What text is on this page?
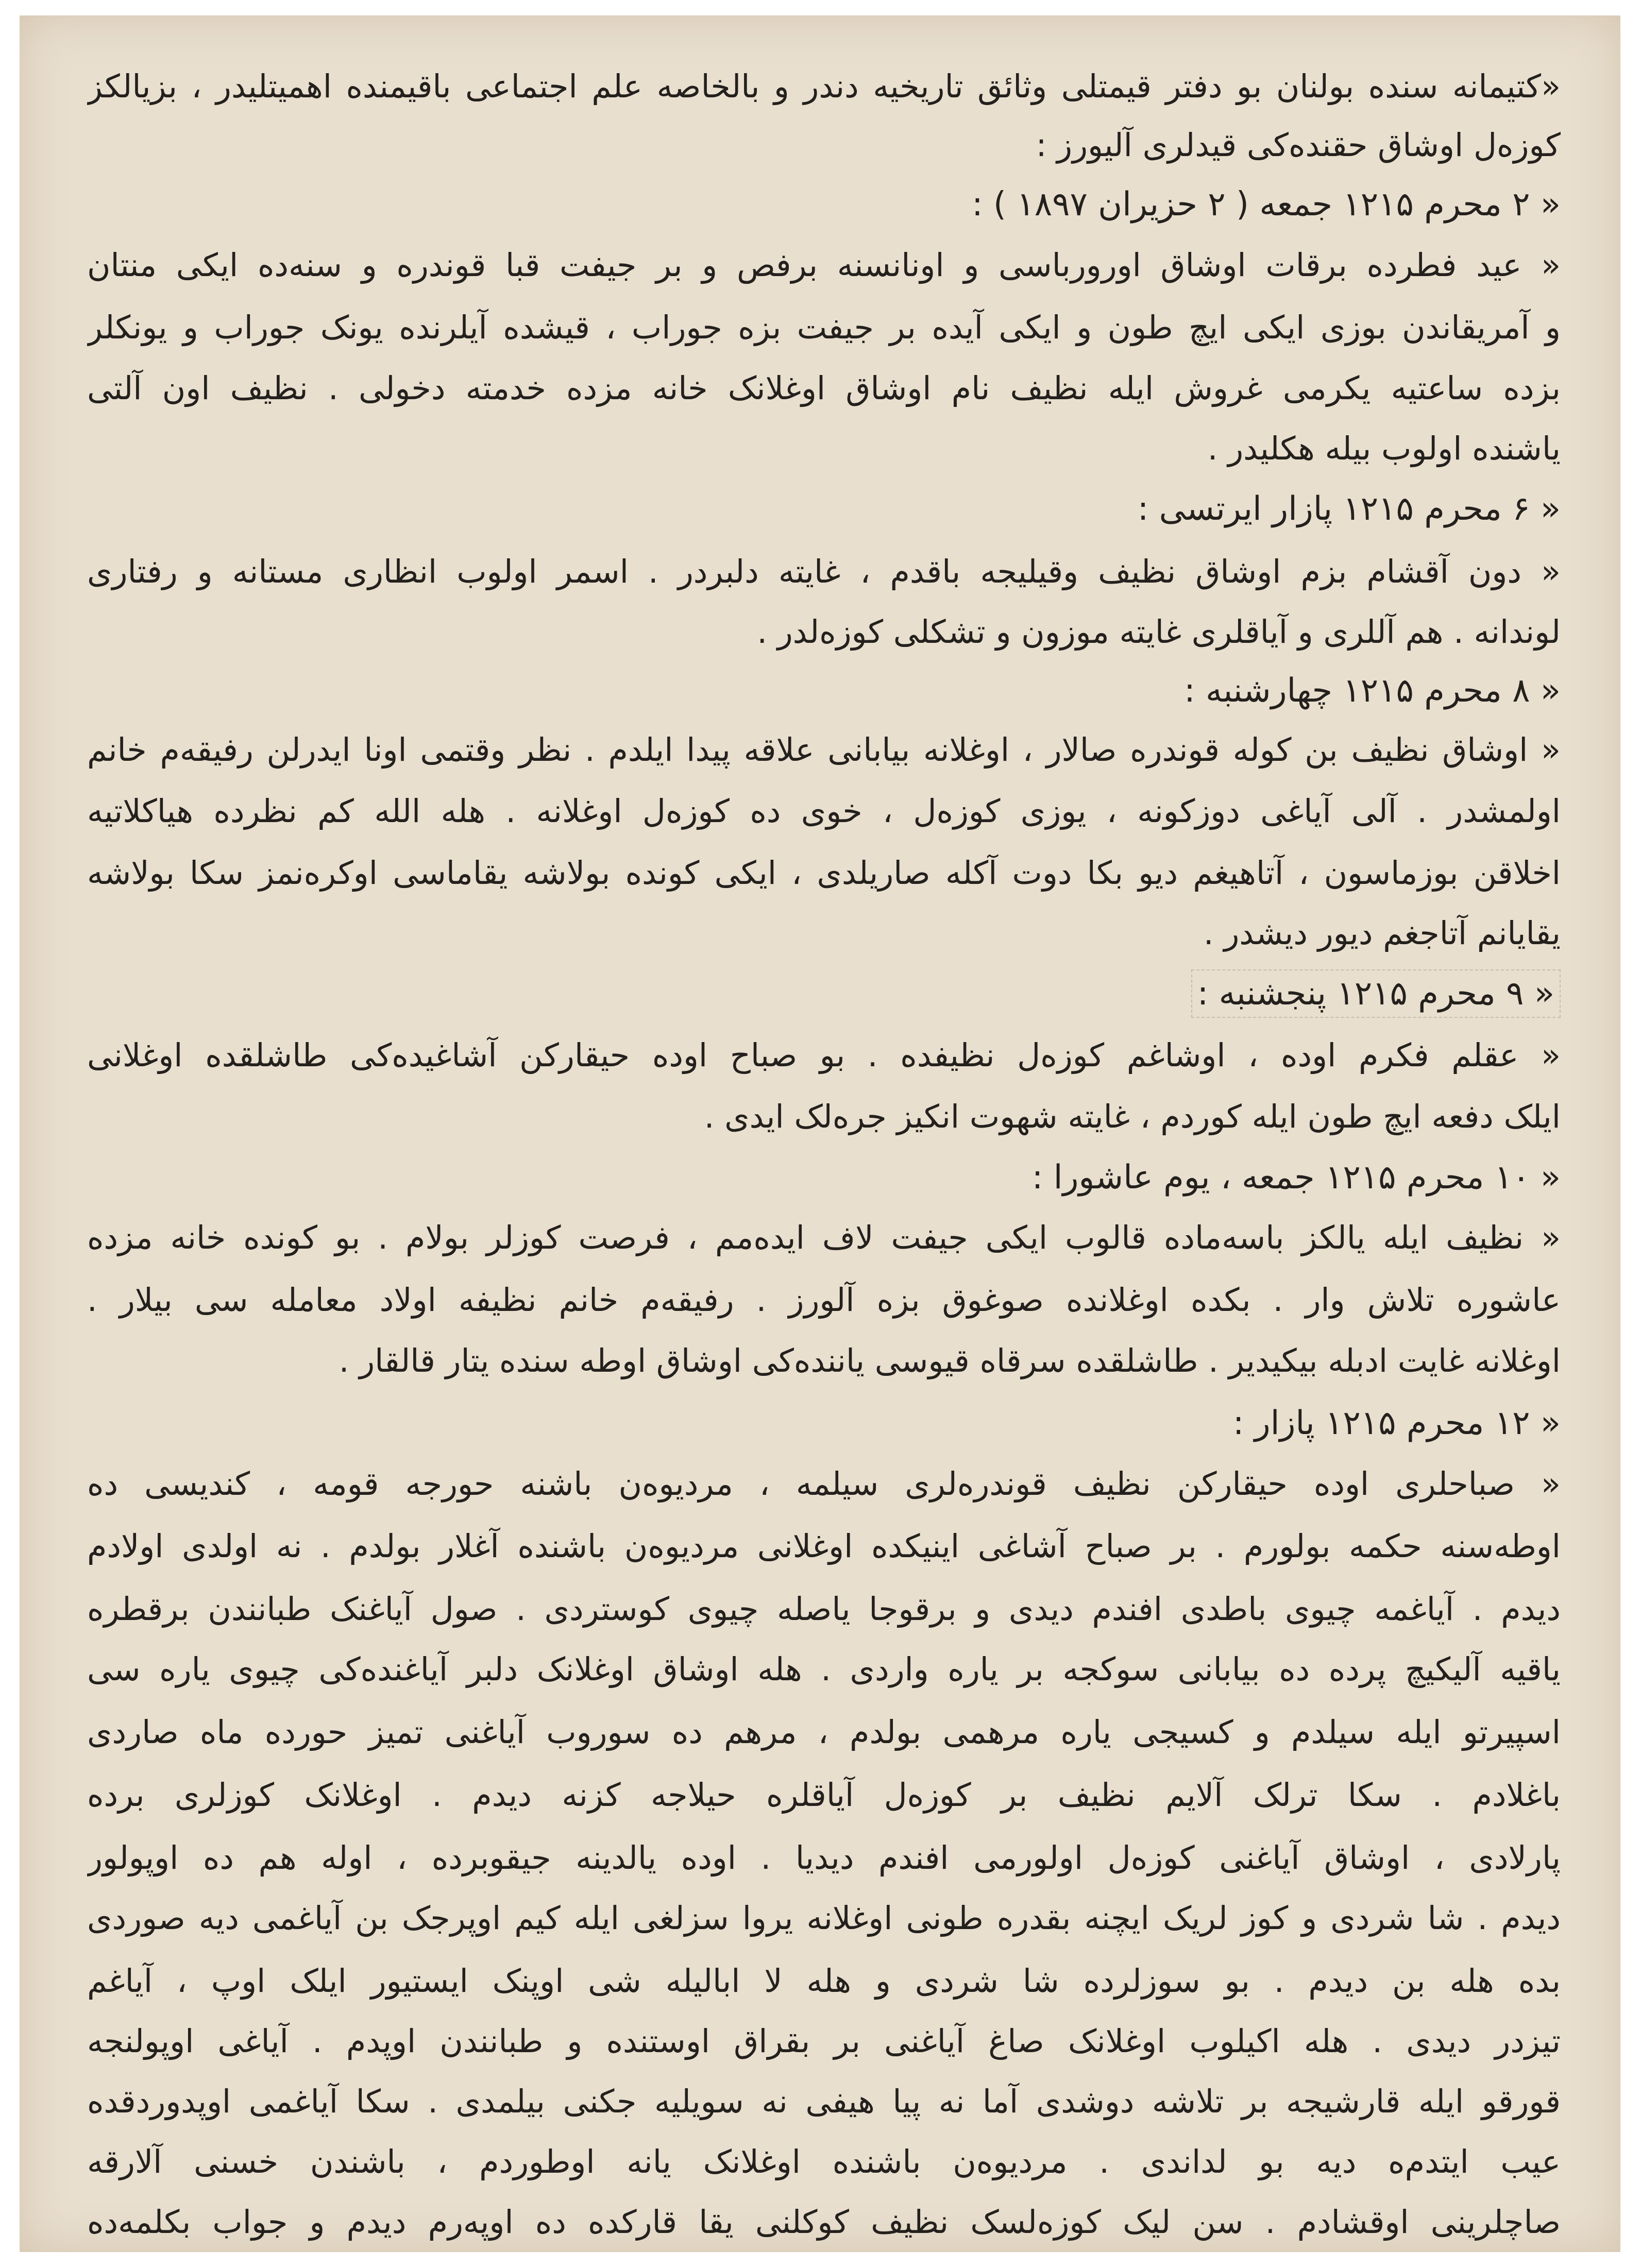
«کتیمانه سنده بولنان بو دفتر قیمتلی وثائق تاریخیه دندر و بالخاصه علم اجتماعی باقیمنده اهمیتلیدر ، بزیالکز
کوزه‌ل اوشاق حقنده‌کی قیدلری آلیورز :
« ۲ محرم ۱۲۱۵ جمعه ( ۲ حزیران ۱۸۹۷ ) :
« عید فطرده برقات اوشاق اورورباسی و اونانسنه برفص و بر جیفت قبا قوندره و سنه‌ده ایکی منتان
و آمریقاندن بوزی ایکی ایچ طون و ایکی آیده بر جیفت بزه جوراب ، قیشده آیلرنده یونک جوراب و یونکلر
بزده ساعتیه یکرمی غروش ایله نظیف نام اوشاق اوغلانک خانه مزده خدمته دخولی . نظیف اون آلتی
یاشنده اولوب بیله هکلیدر .
« ۶ محرم ۱۲۱۵ پازار ایرتسی :
« دون آقشام بزم اوشاق نظیف وقیلیجه باقدم ، غایته دلبردر . اسمر اولوب انظاری مستانه و رفتاری
لوندانه . هم آللری و آیاقلری غایته موزون و تشکلی کوزه‌لدر .
« ۸ محرم ۱۲۱۵ چهارشنبه :
« اوشاق نظیف بن کوله قوندره صالار ، اوغلانه بیابانی علاقه پیدا ایلدم . نظر وقتمی اونا ایدرلن رفیقه‌م خانم
اولمشدر . آلی آیاغی دوزکونه ، یوزی کوزه‌ل ، خوی ده کوزه‌ل اوغلانه . هله الله کم نظرده هیاکلاتیه
اخلاقن بوزماسون ، آتاهیغم دیو بکا دوت آکله صاریلدی ، ایکی کونده بولاشه یقاماسی اوکره‌نمز سکا بولاشه
یقایانم آتاجغم دیور دیشدر .
« ۹ محرم ۱۲۱۵ پنجشنبه :
« عقلم فکرم اوده ، اوشاغم کوزه‌ل نظیفده . بو صباح اوده حیقارکن آشاغیده‌کی طاشلقده اوغلانی
ایلک دفعه ایچ طون ایله کوردم ، غایته شهوت انکیز جره‌لک ایدی .
« ۱۰ محرم ۱۲۱۵ جمعه ، یوم عاشورا :
« نظیف ایله یالکز باسه‌ماده قالوب ایکی جیفت لاف ایده‌مم ، فرصت کوزلر بولام . بو کونده خانه مزده
عاشوره تلاش وار . بکده اوغلانده صوغوق بزه آلورز . رفیقه‌م خانم نظیفه اولاد معامله سی بیلار .
اوغلانه غایت ادبله بیکیدیر . طاشلقده سرقاه قیوسی یاننده‌کی اوشاق اوطه سنده یتار قالقار .
« ۱۲ محرم ۱۲۱۵ پازار :
« صباحلری اوده حیقارکن نظیف قوندره‌لری سیلمه ، مردیوه‌ن باشنه حورجه قومه ، کندیسی ده
اوطه‌سنه حکمه بولورم . بر صباح آشاغی اینیکده اوغلانی مردیوه‌ن باشنده آغلار بولدم . نه اولدی اولادم
دیدم . آیاغمه چیوی باطدی افندم دیدی و برقوجا یاصله چیوی کوستردی . صول آیاغنک طبانندن برقطره
یاقیه آلیکیچ پرده ده بیابانی سوکجه بر یاره واردی . هله اوشاق اوغلانک دلبر آیاغنده‌کی چیوی یاره سی
اسپیرتو ایله سیلدم و کسیجی یاره مرهمی بولدم ، مرهم ده سوروب آیاغنی تمیز حورده ماه صاردی
باغلادم . سکا ترلک آلایم نظیف بر کوزه‌ل آیاقلره حیلاجه کزنه دیدم . اوغلانک کوزلری برده
پارلادی ، اوشاق آیاغنی کوزه‌ل اولورمی افندم دیدیا . اوده یالدینه جیقوبرده ، اوله هم ده اوپولور
دیدم . شا شردی و کوز لریک ایچنه بقدره طونی اوغلانه یروا سزلغی ایله کیم اوپرجک بن آیاغمی دیه صوردی
بده هله بن دیدم . بو سوزلرده شا شردی و هله لا ابالیله شی اوپنک ایستیور ایلک اوپ ، آیاغم
تیزدر دیدی . هله اکیلوب اوغلانک صاغ آیاغنی بر بقراق اوستنده و طبانندن اوپدم . آیاغی اوپولنجه
قورقو ایله قارشیجه بر تلاشه دوشدی آما نه پیا هیفی نه سویلیه جکنی بیلمدی . سکا آیاغمی اوپدوردقده
عیب ایتدم‌ه دیه بو لداندی . مردیوه‌ن باشنده اوغلانک یانه اوطوردم ، باشندن خسنی آلارقه
صاچلرینی اوقشادم . سن لیک کوزه‌لسک نظیف کوکلنی یقا قارکده ده اوپه‌رم دیدم و جواب بکلمه‌ده
